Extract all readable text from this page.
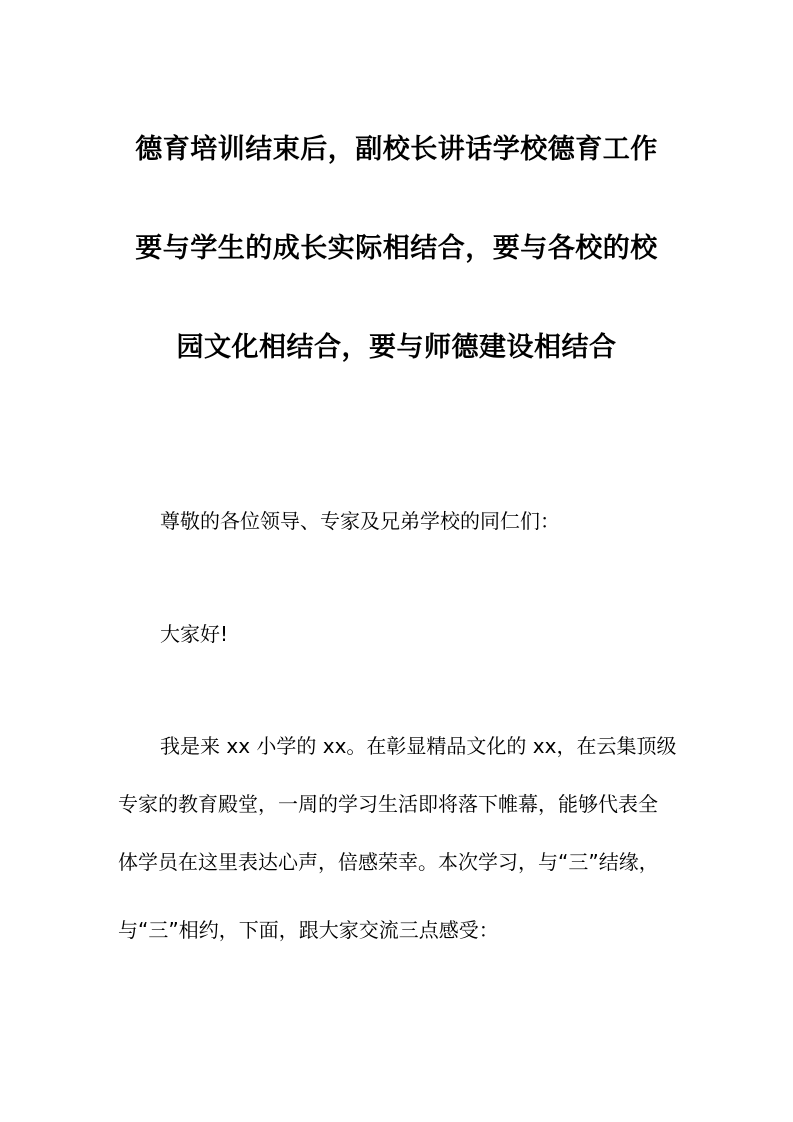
德育培训结束后，副校长讲话学校德育工作
要与学生的成长实际相结合，要与各校的校
园文化相结合，要与师德建设相结合
尊敬的各位领导、专家及兄弟学校的同仁们：
大家好!
我是来 xx 小学的 xx。在彰显精品文化的 xx，在云集顶级
专家的教育殿堂，一周的学习生活即将落下帷幕，能够代表全
体学员在这里表达心声，倍感荣幸。本次学习，与“三”结缘，
与“三”相约，下面，跟大家交流三点感受：
